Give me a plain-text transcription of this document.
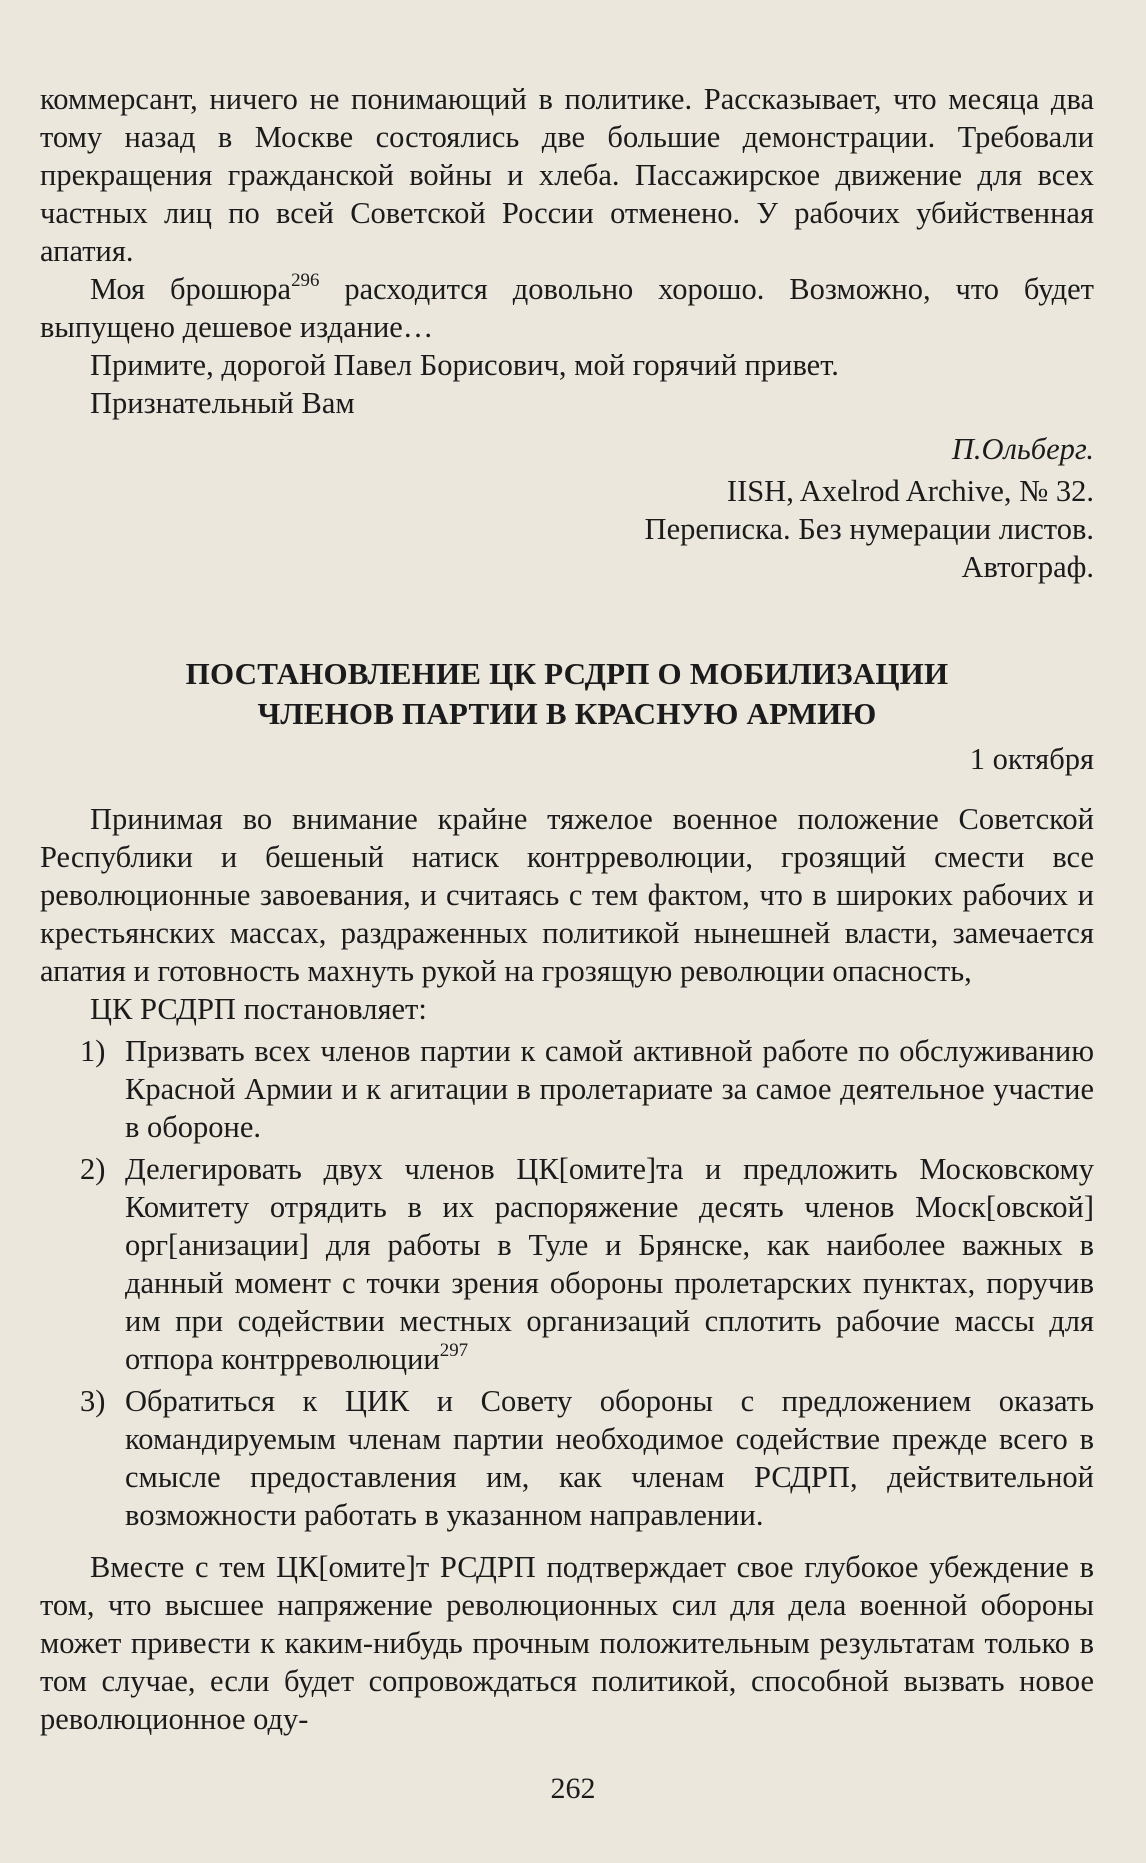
коммерсант, ничего не понимающий в политике. Рассказывает, что месяца два тому назад в Москве состоялись две большие демонстрации. Требовали прекращения гражданской войны и хлеба. Пассажирское движение для всех частных лиц по всей Советской России отменено. У рабочих убийственная апатия.

Моя брошюра$^{296}$ расходится довольно хорошо. Возможно, что будет выпущено дешевое издание…

Примите, дорогой Павел Борисович, мой горячий привет.

Признательный Вам

П.Ольберг.

IISH, Axelrod Archive, № 32.

Переписка. Без нумерации листов.

Автограф.

ПОСТАНОВЛЕНИЕ ЦК РСДРП О МОБИЛИЗАЦИИ

ЧЛЕНОВ ПАРТИИ В КРАСНУЮ АРМИЮ

1 октября

Принимая во внимание крайне тяжелое военное положение Советской Республики и бешеный натиск контрреволюции, грозящий смести все революционные завоевания, и считаясь с тем фактом, что в широких рабочих и крестьянских массах, раздраженных политикой нынешней власти, замечается апатия и готовность махнуть рукой на грозящую революции опасность,

ЦК РСДРП постановляет:

1) Призвать всех членов партии к самой активной работе по обслуживанию Красной Армии и к агитации в пролетариате за самое деятельное участие в обороне.
2) Делегировать двух членов ЦК[омите]та и предложить Московскому Комитету отрядить в их распоряжение десять членов Моск[овской] орг[анизации] для работы в Туле и Брянске, как наиболее важных в данный момент с точки зрения обороны пролетарских пунктах, поручив им при содействии местных организаций сплотить рабочие массы для отпора контрреволюции$^{297}$
3) Обратиться к ЦИК и Совету обороны с предложением оказать командируемым членам партии необходимое содействие прежде всего в смысле предоставления им, как членам РСДРП, действительной возможности работать в указанном направлении.

Вместе с тем ЦК[омите]т РСДРП подтверждает свое глубокое убеждение в том, что высшее напряжение революционных сил для дела военной обороны может привести к каким-нибудь прочным положительным результатам только в том случае, если будет сопровождаться политикой, способной вызвать новое революционное оду-

262
